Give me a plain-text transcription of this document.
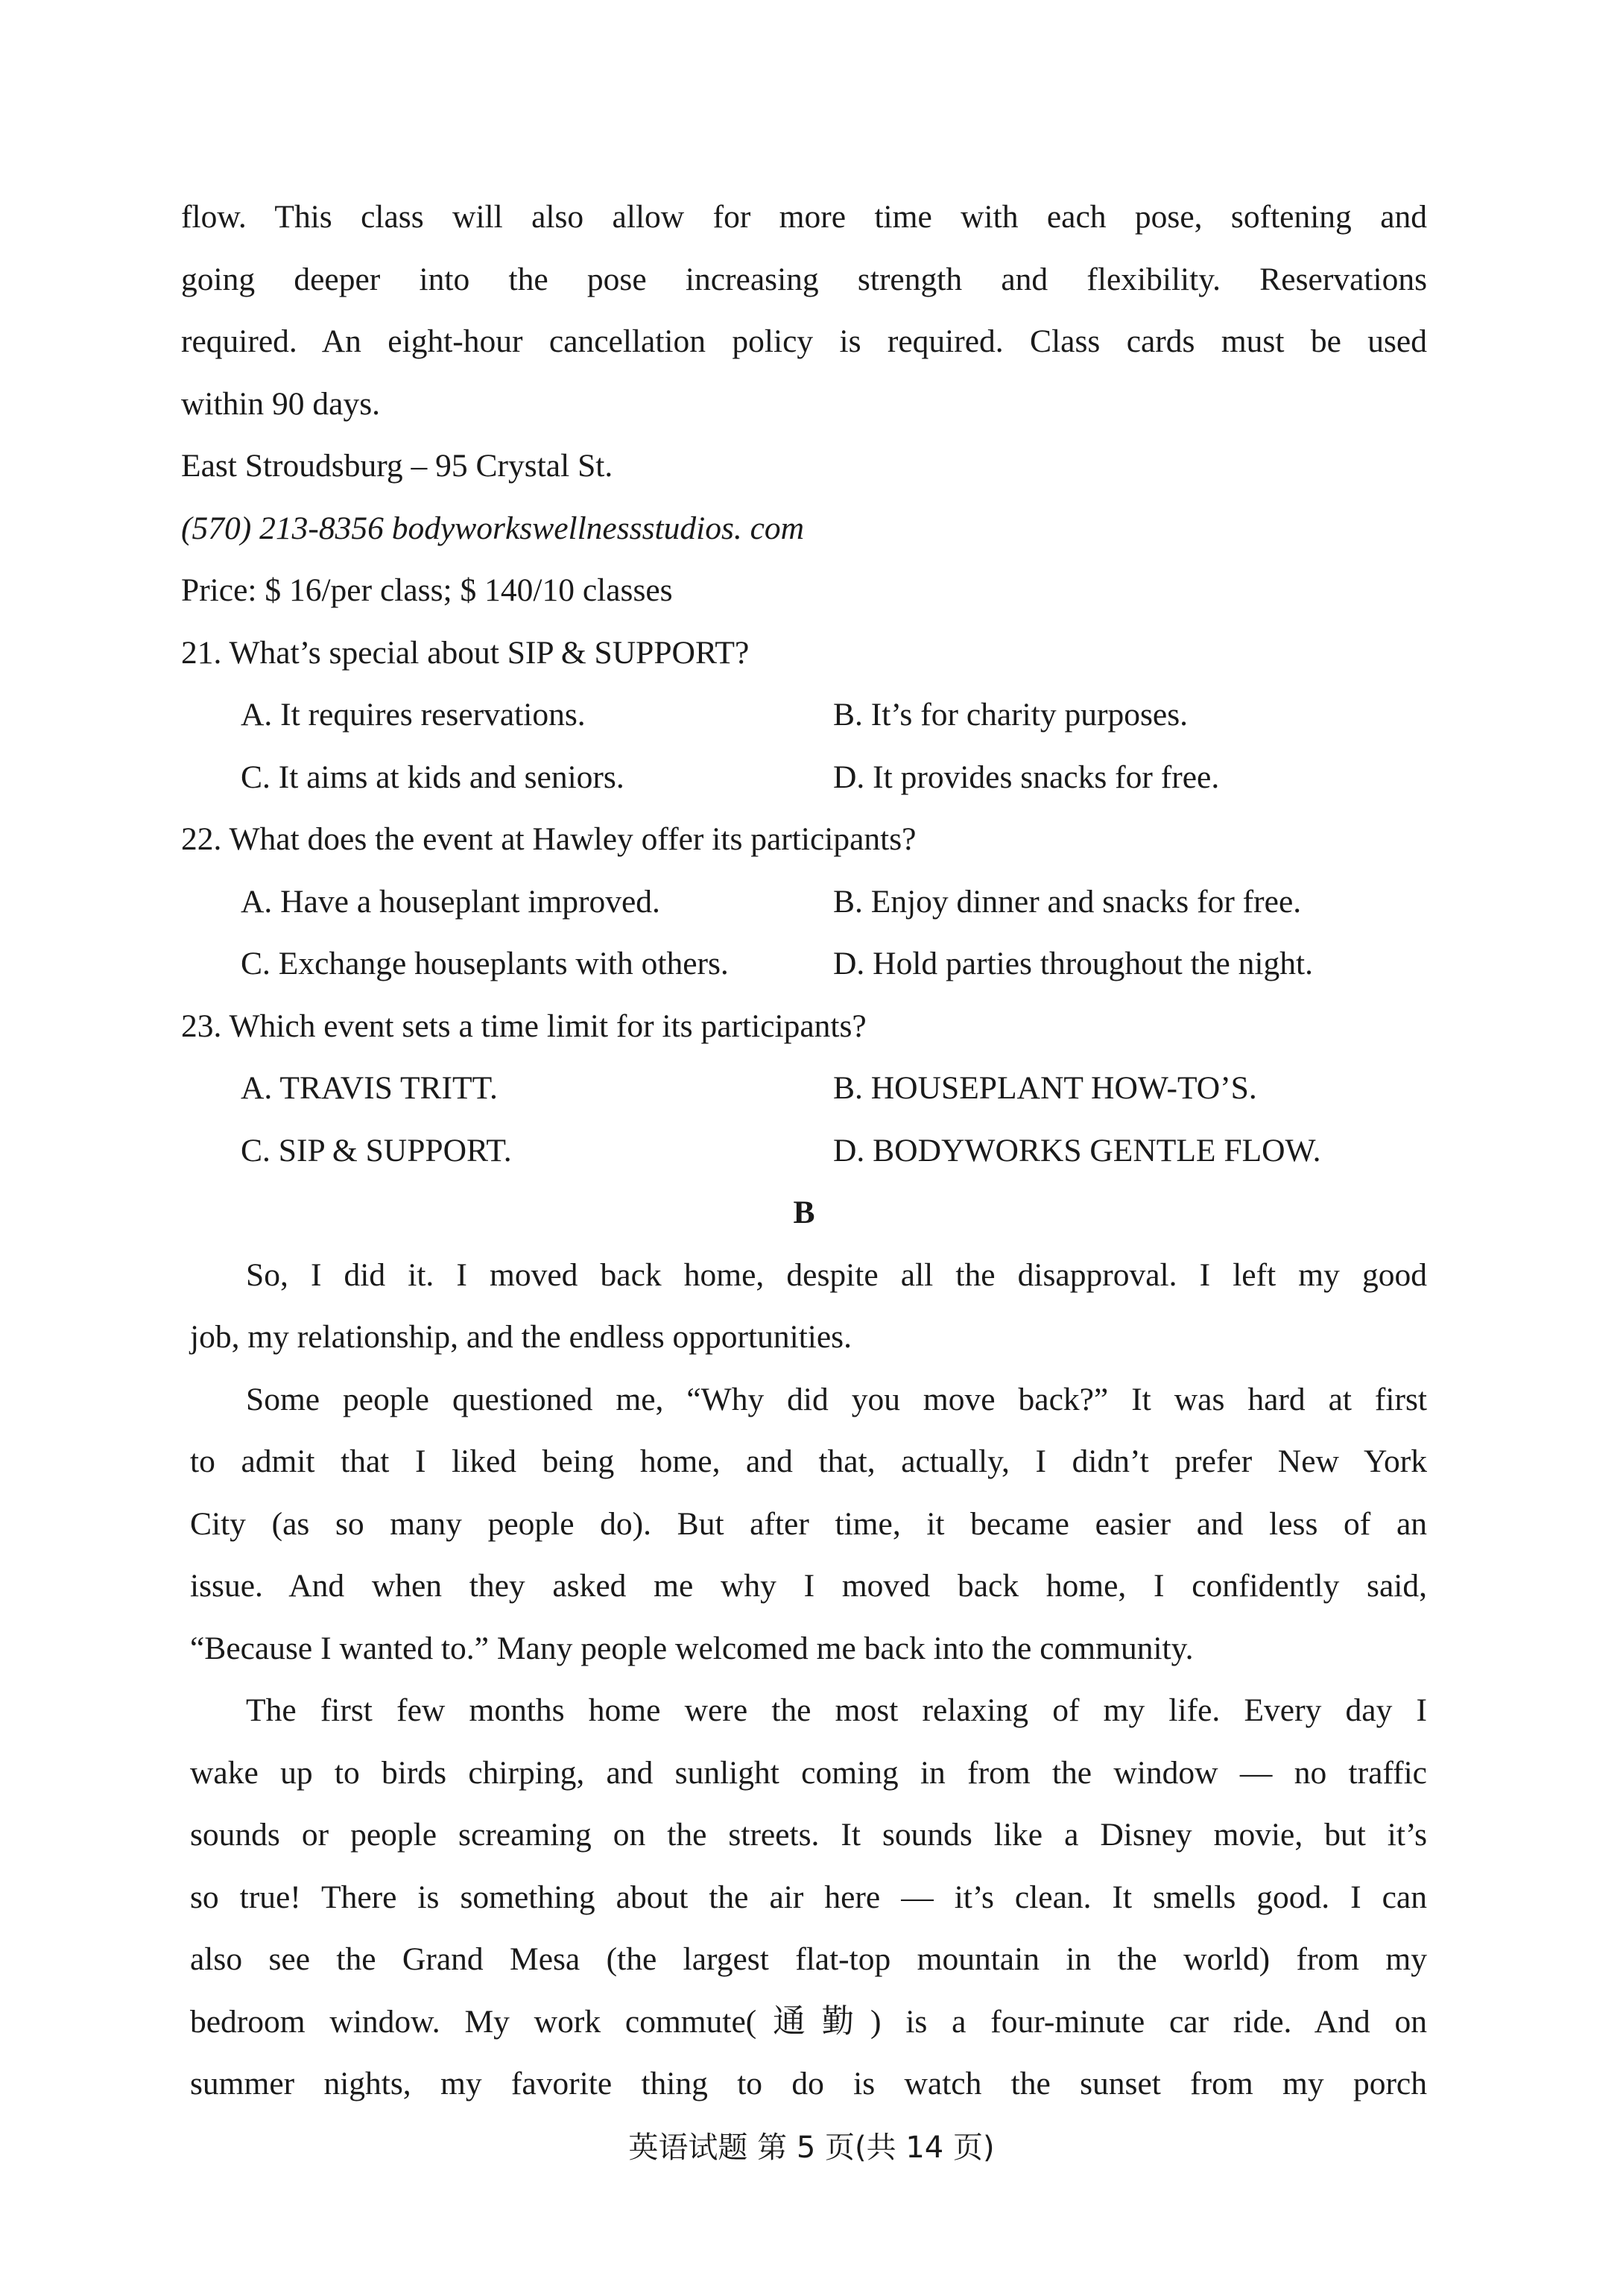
flow. This class will also allow for more time with each pose, softening and
going deeper into the pose increasing strength and flexibility. Reservations
required. An eight-hour cancellation policy is required. Class cards must be used
within 90 days.
East Stroudsburg – 95 Crystal St.
(570) 213-8356 bodyworkswellnessstudios. com
Price: $ 16/per class; $ 140/10 classes
21. What’s special about SIP & SUPPORT?
A. It requires reservations.	B. It’s for charity purposes.
C. It aims at kids and seniors.	D. It provides snacks for free.
22. What does the event at Hawley offer its participants?
A. Have a houseplant improved.	B. Enjoy dinner and snacks for free.
C. Exchange houseplants with others.	D. Hold parties throughout the night.
23. Which event sets a time limit for its participants?
A. TRAVIS TRITT.	B. HOUSEPLANT HOW-TO’S.
C. SIP & SUPPORT.	D. BODYWORKS GENTLE FLOW.
B
So, I did it. I moved back home, despite all the disapproval. I left my good
job, my relationship, and the endless opportunities.
Some people questioned me, “Why did you move back?” It was hard at first
to admit that I liked being home, and that, actually, I didn’t prefer New York
City (as so many people do). But after time, it became easier and less of an
issue. And when they asked me why I moved back home, I confidently said,
“Because I wanted to.” Many people welcomed me back into the community.
The first few months home were the most relaxing of my life. Every day I
wake up to birds chirping, and sunlight coming in from the window — no traffic
sounds or people screaming on the streets. It sounds like a Disney movie, but it’s
so true! There is something about the air here — it’s clean. It smells good. I can
also see the Grand Mesa (the largest flat-top mountain in the world) from my
bedroom window. My work commute(通勤) is a four-minute car ride. And on
summer nights, my favorite thing to do is watch the sunset from my porch
英语试题 第 5 页(共 14 页)
